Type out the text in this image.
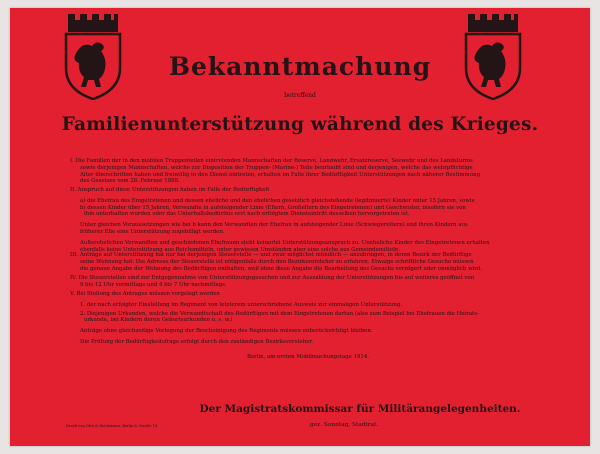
Bekanntmachung
betreffend
Familienunterstützung während des Krieges.
I. Die Familien der in den mobilen Truppenteilen eintretenden Mannschaften der Reserve, Landwehr, Ersatzreserve, Seewehr und des Landsturms
sowie derjenigen Mannschaften, welche zur Disposition der Truppen- (Marine-) Teile beurlaubt sind und derjenigen, welche das wehrpflichtige
Alter überschritten haben und freiwillig in den Dienst eintreten, erhalten im Falle ihrer Bedürftigkeit Unterstützungen nach näherer Bestimmung
des Gesetzes vom 28. Februar 1888.
II. Anspruch auf diese Unterstützungen haben im Falle der Bedürftigkeit
a) die Ehefrau des Eingetretenen und dessen eheliche und den ehelichen gesetzlich gleichstehende (legitimierte) Kinder unter 15 Jahren, sowie
b) dessen Kinder über 15 Jahren, Verwandte in aufsteigender Linie (Eltern, Großeltern des Eingetretenen) und Geschwister, insofern sie von
ihm unterhalten wurden oder das Unterhaltsbedürfnis erst nach erfolgtem Diensteintritt desselben hervorgetreten ist.
Unter gleichen Voraussetzungen wie bei b kann den Verwandten der Ehefrau in aufsteigender Linie (Schwiegereltern) und ihren Kindern aus
früherer Ehe eine Unterstützung zugebilligt werden.
Außerehelichen Verwandten und geschiedenen Ehefrauen steht keinerlei Unterstützungsanspruch zu. Uneheliche Kinder des Eingetretenen erhalten
ebenfalls keine Unterstützung aus Reichsmitteln, unter gewissen Umständen aber eine solche aus Gemeindemitteln.
III. Anträge auf Unterstützung hat nur bei derjenigen Steuerstelle — und zwar möglichst mündlich — anzubringen, in deren Bezirk der Bedürftige
seine Wohnung hat. Die Adresse der Steuerstelle ist nötigenfalls durch den Bezirksvorsteher zu erfahren. Etwaige schriftliche Gesuche müssen
die genaue Angabe der Wohnung des Bedürftigen enthalten, weil ohne diese Angabe die Bearbeitung des Gesuchs verzögert oder unmöglich wird.
IV. Die Steuerstellen sind zur Entgegennahme von Unterstützungsgesuchen und zur Auszahlung der Unterstützungen bis auf weiteres geöffnet von
9 bis 12 Uhr vormittags und 4 bis 7 Uhr nachmittags.
V. Bei Stellung des Antrages müssen vorgelegt werden
1. der nach erfolgter Einstellung im Regiment von letzterem unterschriebene Ausweis zur einmaligen Unterstützung.
2. Diejenigen Urkunden, welche die Verwandtschaft des Bedürftigen mit dem Eingetretenen dartun (also zum Beispiel bei Ehefrauen die Heirats-
urkunde, bei Kindern deren Geburtsurkunden u. s. w.)
Anträge ohne gleichzeitige Vorlegung der Bescheinigung des Regiments müssen unberücksichtigt bleiben.
Die Prüfung der Bedürftigkeitsfrage erfolgt durch den zuständigen Bezirksvorsteher.
Berlin, am ersten Mobilmachungstage 1914.
Der Magistratskommissar für Militärangelegenheiten.
gez. Sonntag, Stadtrat.
Druck von Otto & Dieckmann, Berlin S. Straße 14
